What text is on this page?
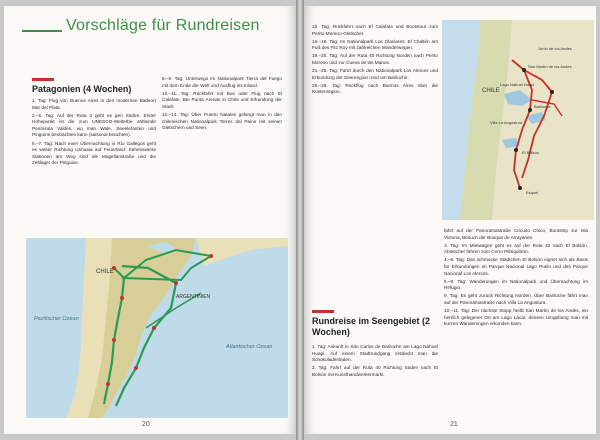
Vorschläge für Rundreisen
Patagonien (4 Wochen)

1. Tag: Flug von Buenos Aires in den modernen Badeort Mar del Plata.

2.–5. Tag: Auf der Ruta 3 geht es gen Süden. Erster Höhepunkt ist die zum UNESCO-Welterbe zählende Península Valdés, wo man Wale, Seeelefanten und Pinguine beobachten kann (saisonal beachten).

6.–7. Tag: Nach einer Übernachtung in Río Gallegos geht es weiter Richtung Ushuaia auf Feuerland. Sehenswerte Stationen am Weg sind die Magellanstraße und die Zeltlager der Pinguine.

8.–9. Tag: Unterwegs im Nationalpark Tierra del Fuego mit dem Ende der Welt und Ausflug ins Inland.

10.–11. Tag: Rückfahrt mit Bus oder Flug nach El Calafate. Bei Punta Arenas in Chile und Erkundung der Stadt.

12.–14. Tag: Über Puerto Natales gelangt man in den chilenischen Nationalpark Torres del Paine mit seinen Gletschern und Seen.

CHILE
ARGENTINIEN
Pazifischer Ozean
Atlantischer Ozean
20

15. Tag: Rückfahrt nach El Calafate und Bootstour zum Perito-Moreno-Gletscher.

16.–18. Tag: Im Nationalpark Los Glaciares: El Chaltén am Fuß des Fitz Roy mit zahlreichen Wanderwegen.

19.–20. Tag: Auf der Ruta 40 Richtung Norden nach Perito Moreno und zur Cueva de las Manos.

21.–25. Tag: Fahrt durch den Nationalpark Los Alerces und Erkundung der Seenregion rund um Bariloche.

26.–28. Tag: Rückflug nach Buenos Aires über die Küstenregion.

Rundreise im Seengebiet (2 Wochen)

1. Tag: Ankunft in San Carlos de Bariloche am Lago Nahuel Huapi. Auf einem Stadtrundgang entdeckt man die Schokoladenläden.

2. Tag: Fahrt auf der Ruta 40 Richtung Süden nach El Bolsón mit Kunsthandwerkermarkt.

CHILE
Lago Nahuel Huapi
Bariloche
El Bolsón
San Martín de los Andes
Villa La Angostura
Junín de los Andes
Esquel

fahrt auf der Panoramastraße Circuito Chico, Bootstrip zur Isla Victoria, Besuch der Bosque de Arrayanes.

3. Tag: Im Mietwagen geht es auf der Ruta 40 nach El Bolsón. Abstecher führen zum Cerro Piltriquitrón.

4.–5. Tag: Das schmucke Städtchen El Bolsón eignet sich als Basis für Erkundungen im Parque Nacional Lago Puelo und des Parque Nacional Los Alerces.

6.–8. Tag: Wanderungen im Nationalpark und Übernachtung im Refugio.

9. Tag: Es geht zurück Richtung Norden. Über Bariloche fährt man auf der Panoramastraße nach Villa La Angostura.

10.–11. Tag: Der nächste Stopp heißt San Martín de los Andes, ein herrlich gelegener Ort am Lago Lácar, dessen Umgebung man mit kurzen Wanderungen erkunden kann.

21
